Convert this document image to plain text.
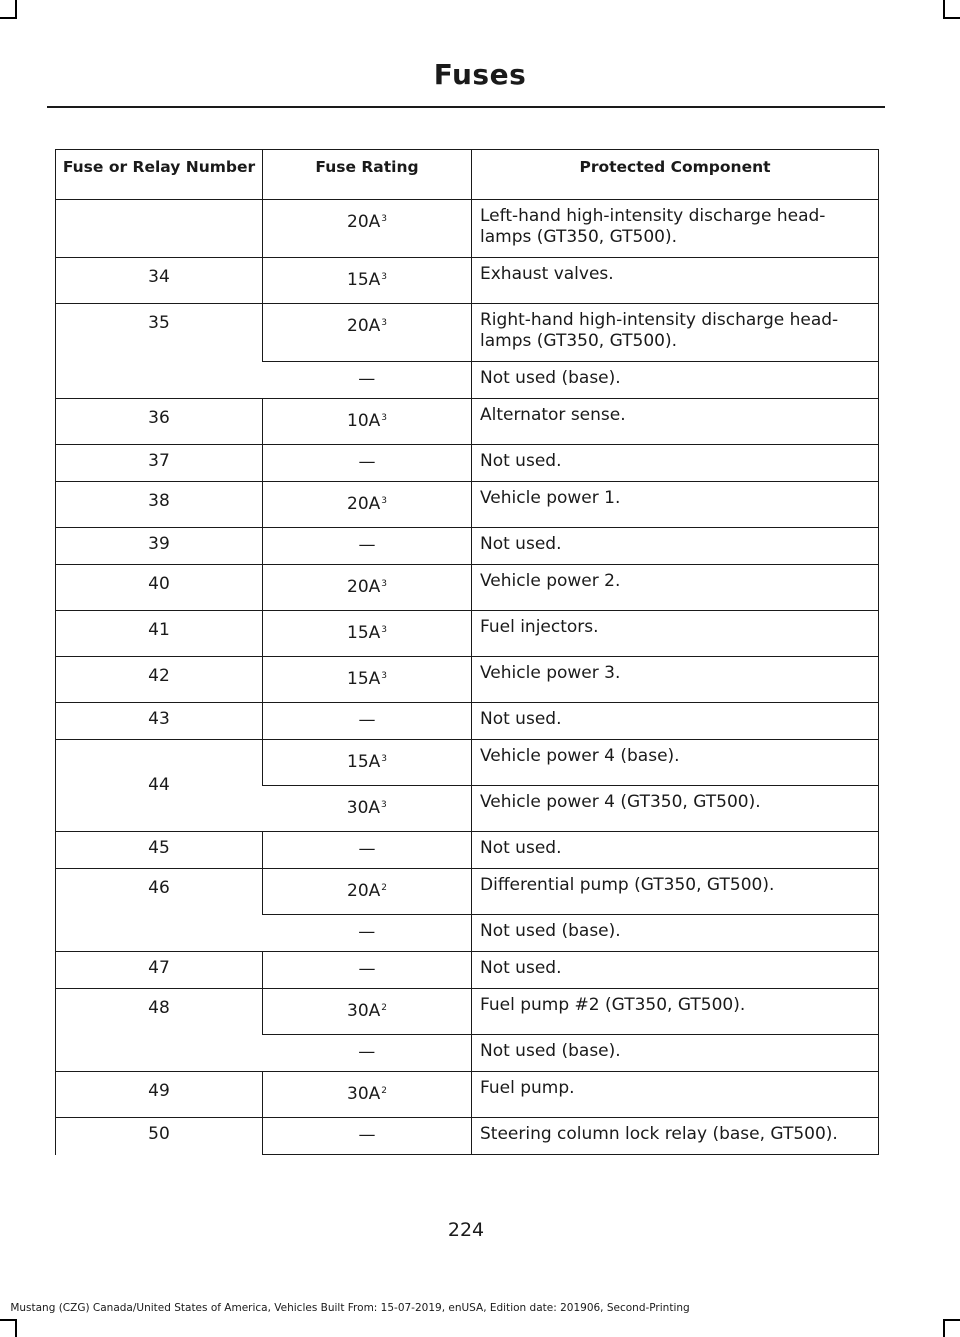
Fuses
Fuse or Relay Number	Fuse Rating	Protected Component
	$20A^3$	Left-hand high-intensity discharge head-lamps (GT350, GT500).
34	$15A^3$	Exhaust valves.
35	$20A^3$	Right-hand high-intensity discharge head-lamps (GT350, GT500).
	—	Not used (base).
36	$10A^3$	Alternator sense.
37	—	Not used.
38	$20A^3$	Vehicle power 1.
39	—	Not used.
40	$20A^3$	Vehicle power 2.
41	$15A^3$	Fuel injectors.
42	$15A^3$	Vehicle power 3.
43	—	Not used.
44	$15A^3$	Vehicle power 4 (base).
	$30A^3$	Vehicle power 4 (GT350, GT500).
45	—	Not used.
46	$20A^2$	Differential pump (GT350, GT500).
	—	Not used (base).
47	—	Not used.
48	$30A^2$	Fuel pump #2 (GT350, GT500).
	—	Not used (base).
49	$30A^2$	Fuel pump.
50	—	Steering column lock relay (base, GT500).
224
Mustang (CZG) Canada/United States of America, Vehicles Built From: 15-07-2019, enUSA, Edition date: 201906, Second-Printing
